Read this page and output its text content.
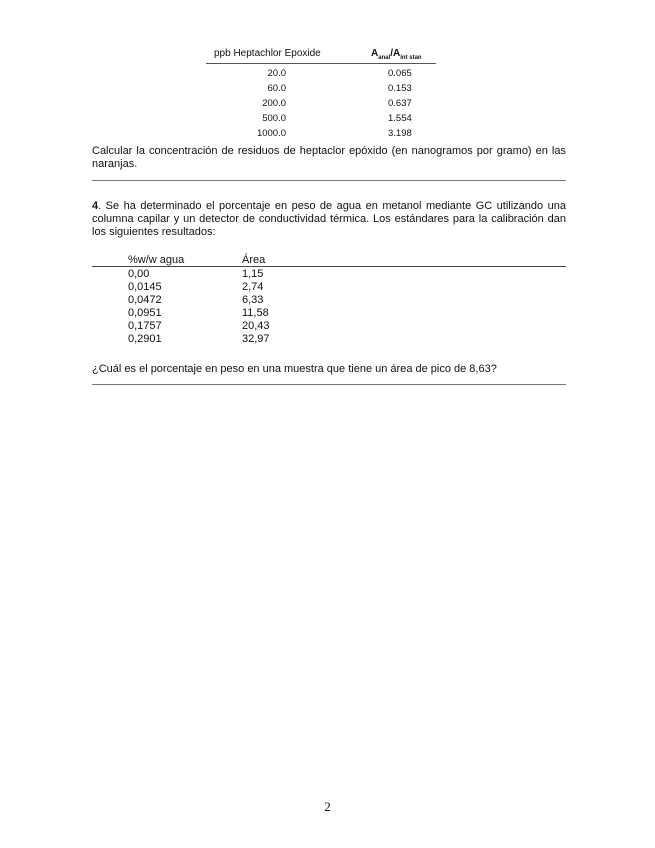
ppb Heptachlor Epoxide	$A_{anal}/A_{int stan}$
20.0	0.065
60.0	0.153
200.0	0.637
500.0	1.554
1000.0	3.198
Calcular la concentración de residuos de heptaclor epóxido (en nanogramos por gramo) en las naranjas.
4. Se ha determinado el porcentaje en peso de agua en metanol mediante GC utilizando una columna capilar y un detector de conductividad térmica. Los estándares para la calibración dan los siguientes resultados:
%w/w agua	Área
0,00	1,15
0,0145	2,74
0,0472	6,33
0,0951	11,58
0,1757	20,43
0,2901	32,97
¿Cuál es el porcentaje en peso en una muestra que tiene un área de pico de 8,63?
2
